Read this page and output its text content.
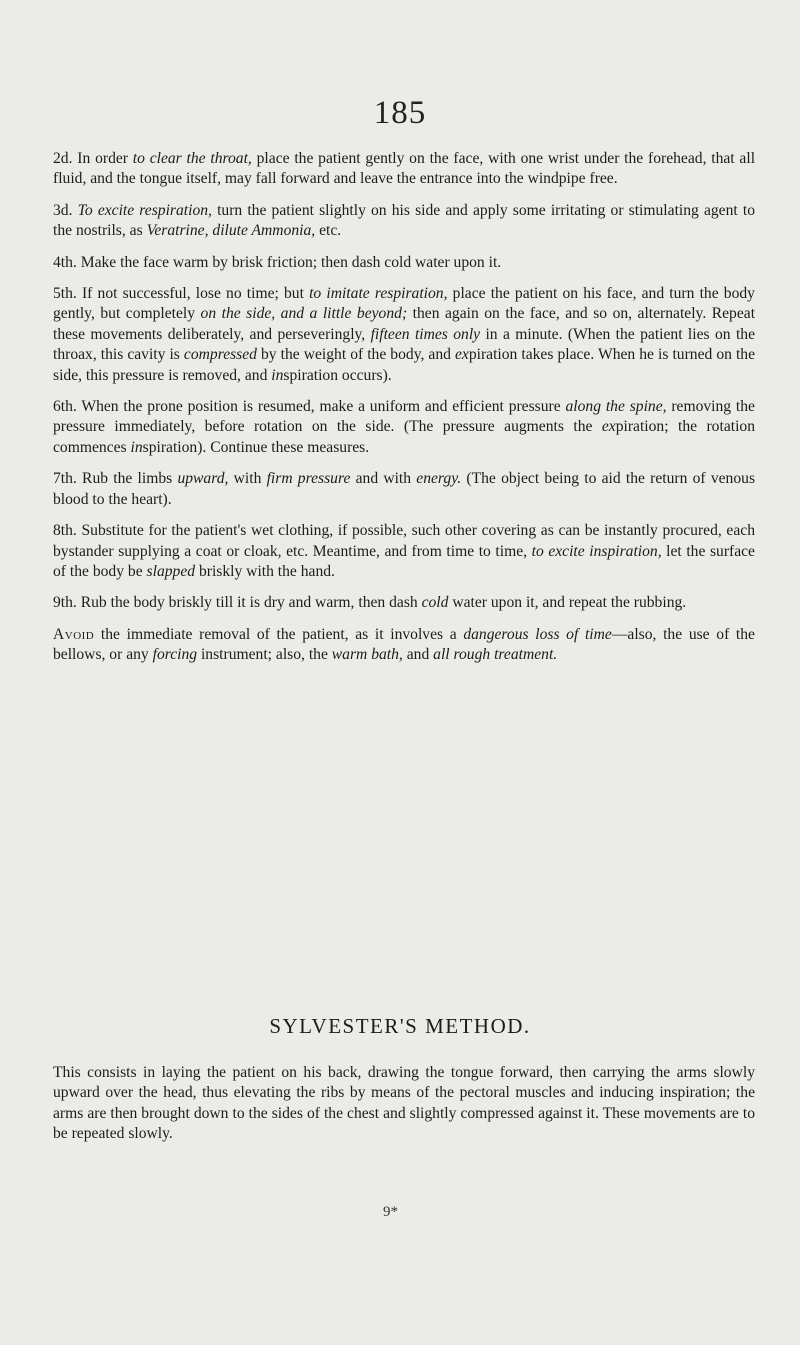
185
2d. In order to clear the throat, place the patient gently on the face, with one wrist under the forehead, that all fluid, and the tongue itself, may fall forward and leave the entrance into the windpipe free.
3d. To excite respiration, turn the patient slightly on his side and apply some irritating or stimulating agent to the nostrils, as Veratrine, dilute Ammonia, etc.
4th. Make the face warm by brisk friction; then dash cold water upon it.
5th. If not successful, lose no time; but to imitate respiration, place the patient on his face, and turn the body gently, but completely on the side, and a little beyond; then again on the face, and so on, alternately. Repeat these movements deliberately, and perseveringly, fifteen times only in a minute. (When the patient lies on the throax, this cavity is compressed by the weight of the body, and expiration takes place. When he is turned on the side, this pressure is removed, and inspiration occurs).
6th. When the prone position is resumed, make a uniform and efficient pressure along the spine, removing the pressure immediately, before rotation on the side. (The pressure augments the expiration; the rotation commences inspiration). Continue these measures.
7th. Rub the limbs upward, with firm pressure and with energy. (The object being to aid the return of venous blood to the heart).
8th. Substitute for the patient's wet clothing, if possible, such other covering as can be instantly procured, each bystander supplying a coat or cloak, etc. Meantime, and from time to time, to excite inspiration, let the surface of the body be slapped briskly with the hand.
9th. Rub the body briskly till it is dry and warm, then dash cold water upon it, and repeat the rubbing.
Avoid the immediate removal of the patient, as it involves a dangerous loss of time—also, the use of the bellows, or any forcing instrument; also, the warm bath, and all rough treatment.
SYLVESTER'S METHOD.
This consists in laying the patient on his back, drawing the tongue forward, then carrying the arms slowly upward over the head, thus elevating the ribs by means of the pectoral muscles and inducing inspiration; the arms are then brought down to the sides of the chest and slightly compressed against it. These movements are to be repeated slowly.
9*
